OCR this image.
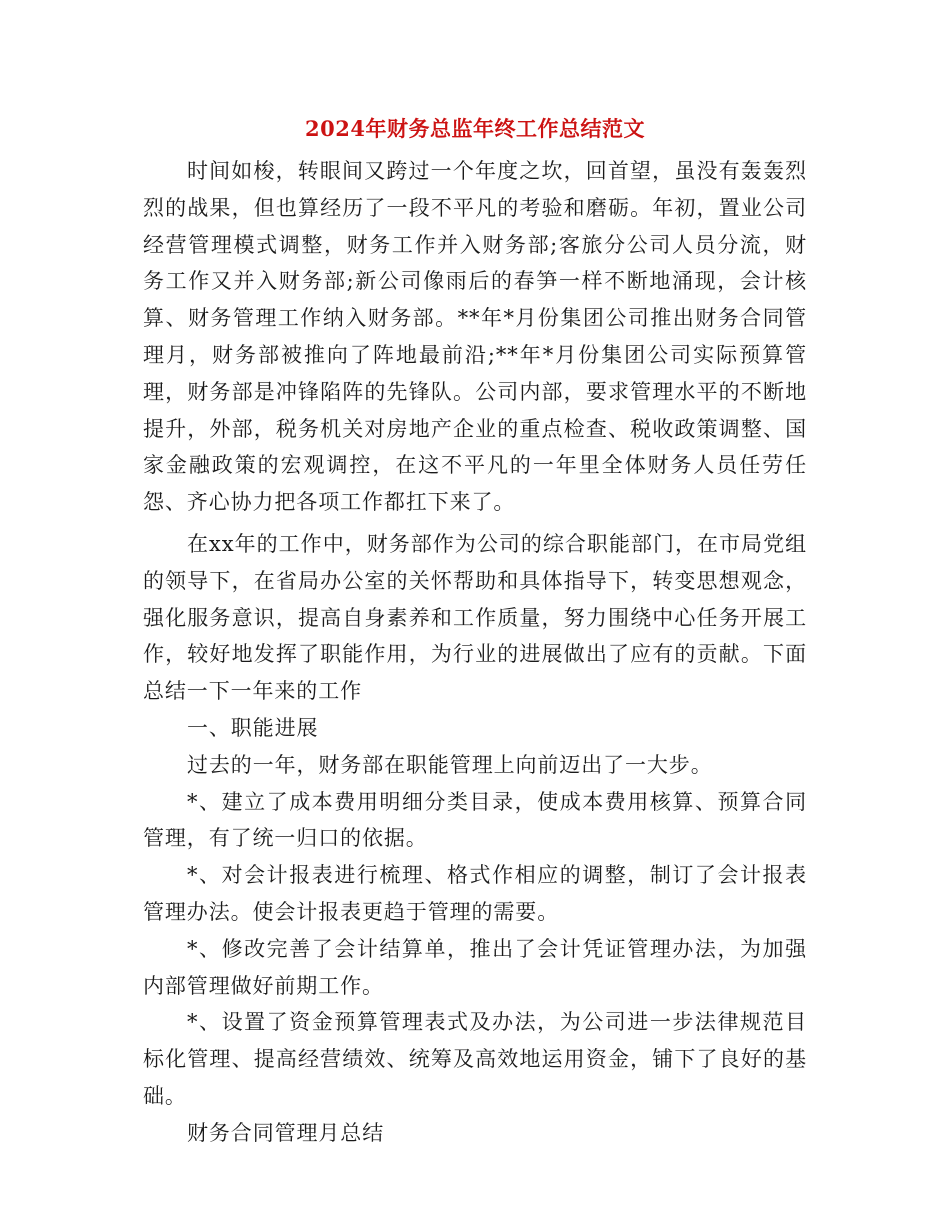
2024年财务总监年终工作总结范文

时间如梭，转眼间又跨过一个年度之坎，回首望，虽没有轰轰烈烈的战果，但也算经历了一段不平凡的考验和磨砺。年初，置业公司经营管理模式调整，财务工作并入财务部;客旅分公司人员分流，财务工作又并入财务部;新公司像雨后的春笋一样不断地涌现，会计核算、财务管理工作纳入财务部。**年*月份集团公司推出财务合同管理月，财务部被推向了阵地最前沿;**年*月份集团公司实际预算管理，财务部是冲锋陷阵的先锋队。公司内部，要求管理水平的不断地提升，外部，税务机关对房地产企业的重点检查、税收政策调整、国家金融政策的宏观调控，在这不平凡的一年里全体财务人员任劳任怨、齐心协力把各项工作都扛下来了。

在xx年的工作中，财务部作为公司的综合职能部门，在市局党组的领导下，在省局办公室的关怀帮助和具体指导下，转变思想观念，强化服务意识，提高自身素养和工作质量，努力围绕中心任务开展工作，较好地发挥了职能作用，为行业的进展做出了应有的贡献。下面总结一下一年来的工作

一、职能进展

过去的一年，财务部在职能管理上向前迈出了一大步。

*、建立了成本费用明细分类目录，使成本费用核算、预算合同管理，有了统一归口的依据。

*、对会计报表进行梳理、格式作相应的调整，制订了会计报表管理办法。使会计报表更趋于管理的需要。

*、修改完善了会计结算单，推出了会计凭证管理办法，为加强内部管理做好前期工作。

*、设置了资金预算管理表式及办法，为公司进一步法律规范目标化管理、提高经营绩效、统筹及高效地运用资金，铺下了良好的基础。

财务合同管理月总结
